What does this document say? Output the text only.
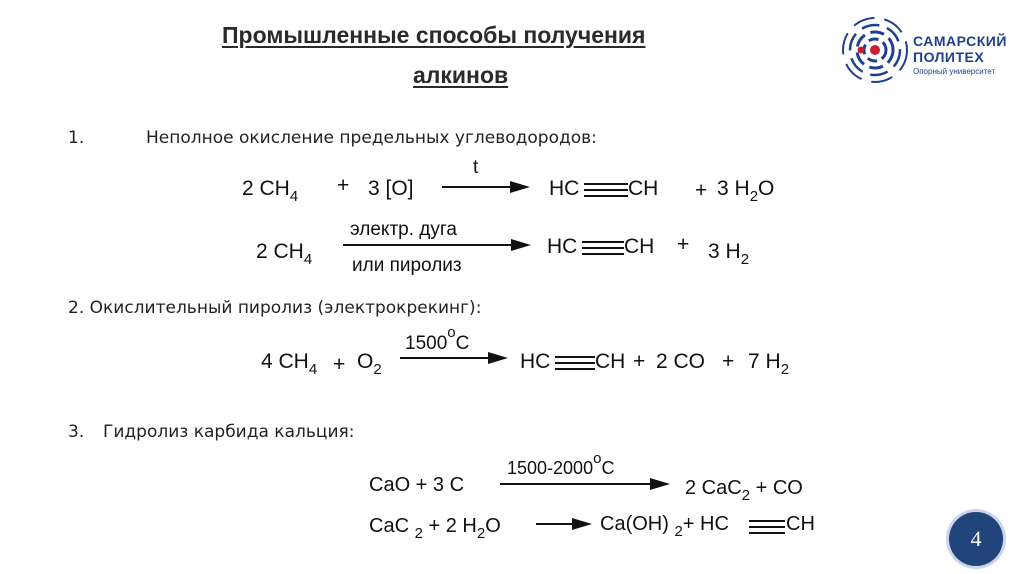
Промышленные способы получения
алкинов
САМАРСКИЙ
ПОЛИТЕХ
Опорный университет
1.	Неполное окисление предельных углеводородов:
2 $CH_4 + 3$ [O]
t
HC CH + 3 $H_2O$
2 $CH_4$
электр. дуга
или пиролиз
HC CH + 3 $H_2$
2. Окислительный пиролиз (электрокрекинг):
4 $CH_4 + O_2$
1500$^o$C
HC CH + 2 CO + 7 $H_2$
3. Гидролиз карбида кальция:
CaO + 3 C
1500-2000$^o$C
2 CaC$_2$ + CO
CaC $_2$ + 2 $H_2O$	Ca(OH) $_2$+ HC	CH
4
